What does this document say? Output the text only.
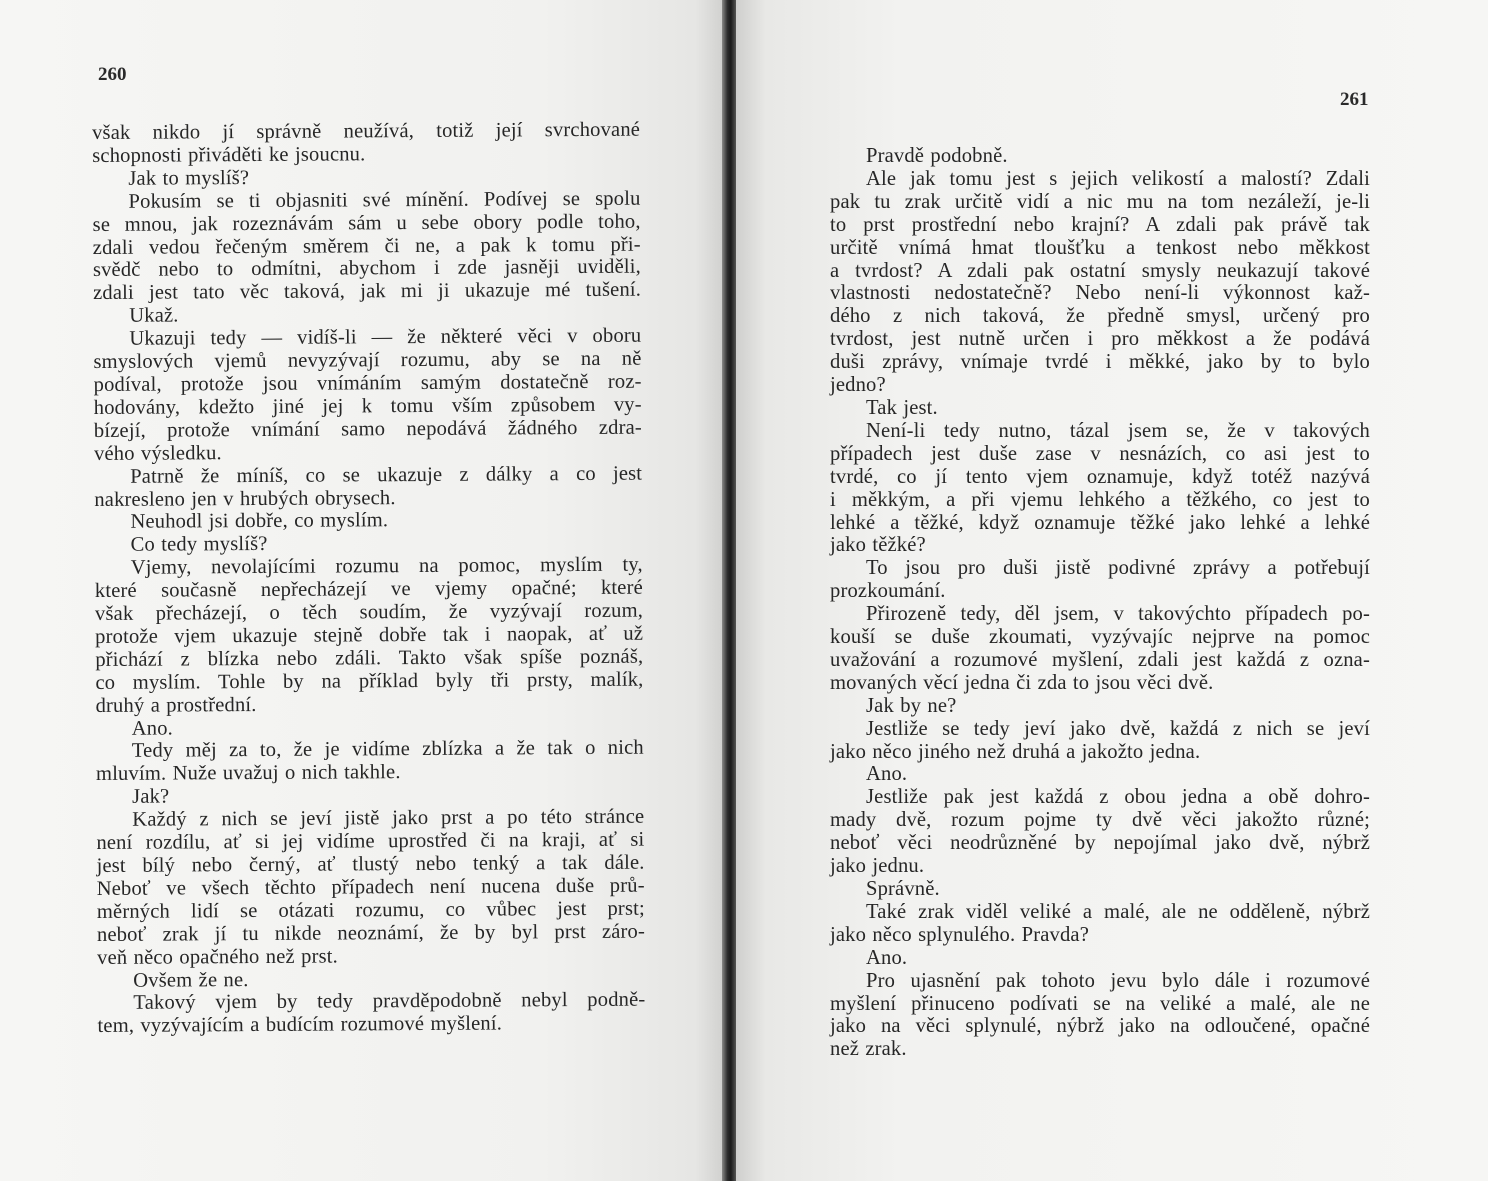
260
však nikdo jí správně neužívá, totiž její svrchované
schopnosti přiváděti ke jsoucnu.
Jak to myslíš?
Pokusím se ti objasniti své mínění. Podívej se spolu
se mnou, jak rozeznávám sám u sebe obory podle toho,
zdali vedou řečeným směrem či ne, a pak k tomu při-
svědč nebo to odmítni, abychom i zde jasněji uviděli,
zdali jest tato věc taková, jak mi ji ukazuje mé tušení.
Ukaž.
Ukazuji tedy — vidíš-li — že některé věci v oboru
smyslových vjemů nevyzývají rozumu, aby se na ně
podíval, protože jsou vnímáním samým dostatečně roz-
hodovány, kdežto jiné jej k tomu vším způsobem vy-
bízejí, protože vnímání samo nepodává žádného zdra-
vého výsledku.
Patrně že míníš, co se ukazuje z dálky a co jest
nakresleno jen v hrubých obrysech.
Neuhodl jsi dobře, co myslím.
Co tedy myslíš?
Vjemy, nevolajícími rozumu na pomoc, myslím ty,
které současně nepřecházejí ve vjemy opačné; které
však přecházejí, o těch soudím, že vyzývají rozum,
protože vjem ukazuje stejně dobře tak i naopak, ať už
přichází z blízka nebo zdáli. Takto však spíše poznáš,
co myslím. Tohle by na příklad byly tři prsty, malík,
druhý a prostřední.
Ano.
Tedy měj za to, že je vidíme zblízka a že tak o nich
mluvím. Nuže uvažuj o nich takhle.
Jak?
Každý z nich se jeví jistě jako prst a po této stránce
není rozdílu, ať si jej vidíme uprostřed či na kraji, ať si
jest bílý nebo černý, ať tlustý nebo tenký a tak dále.
Neboť ve všech těchto případech není nucena duše prů-
měrných lidí se otázati rozumu, co vůbec jest prst;
neboť zrak jí tu nikde neoznámí, že by byl prst záro-
veň něco opačného než prst.
Ovšem že ne.
Takový vjem by tedy pravděpodobně nebyl podně-
tem, vyzývajícím a budícím rozumové myšlení.
261
Pravdě podobně.
Ale jak tomu jest s jejich velikostí a malostí? Zdali
pak tu zrak určitě vidí a nic mu na tom nezáleží, je-li
to prst prostřední nebo krajní? A zdali pak právě tak
určitě vnímá hmat tloušťku a tenkost nebo měkkost
a tvrdost? A zdali pak ostatní smysly neukazují takové
vlastnosti nedostatečně? Nebo není-li výkonnost kaž-
dého z nich taková, že předně smysl, určený pro
tvrdost, jest nutně určen i pro měkkost a že podává
duši zprávy, vnímaje tvrdé i měkké, jako by to bylo
jedno?
Tak jest.
Není-li tedy nutno, tázal jsem se, že v takových
případech jest duše zase v nesnázích, co asi jest to
tvrdé, co jí tento vjem oznamuje, když totéž nazývá
i měkkým, a při vjemu lehkého a těžkého, co jest to
lehké a těžké, když oznamuje těžké jako lehké a lehké
jako těžké?
To jsou pro duši jistě podivné zprávy a potřebují
prozkoumání.
Přirozeně tedy, děl jsem, v takovýchto případech po-
kouší se duše zkoumati, vyzývajíc nejprve na pomoc
uvažování a rozumové myšlení, zdali jest každá z ozna-
movaných věcí jedna či zda to jsou věci dvě.
Jak by ne?
Jestliže se tedy jeví jako dvě, každá z nich se jeví
jako něco jiného než druhá a jakožto jedna.
Ano.
Jestliže pak jest každá z obou jedna a obě dohro-
mady dvě, rozum pojme ty dvě věci jakožto různé;
neboť věci neodrůzněné by nepojímal jako dvě, nýbrž
jako jednu.
Správně.
Také zrak viděl veliké a malé, ale ne odděleně, nýbrž
jako něco splynulého. Pravda?
Ano.
Pro ujasnění pak tohoto jevu bylo dále i rozumové
myšlení přinuceno podívati se na veliké a malé, ale ne
jako na věci splynulé, nýbrž jako na odloučené, opačné
než zrak.
